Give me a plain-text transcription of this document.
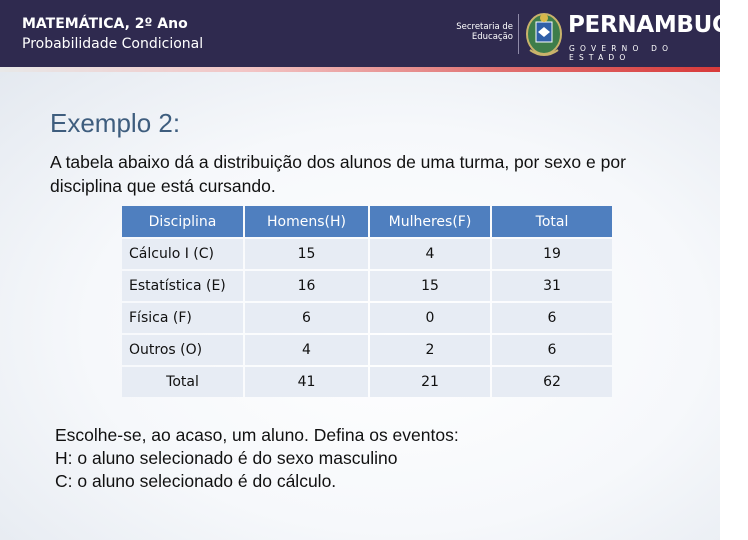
MATEMÁTICA, 2º Ano
Probabilidade Condicional
Secretaria de
Educação PERNAMBUCO
GOVERNO DO ESTADO
Exemplo 2:
A tabela abaixo dá a distribuição dos alunos de uma turma, por sexo e por disciplina que está cursando.
Disciplina	Homens(H)	Mulheres(F)	Total
Cálculo I (C)	15	4	19
Estatística (E)	16	15	31
Física (F)	6	0	6
Outros (O)	4	2	6
Total	41	21	62
Escolhe-se, ao acaso, um aluno. Defina os eventos:
H: o aluno selecionado é do sexo masculino
C: o aluno selecionado é do cálculo.
